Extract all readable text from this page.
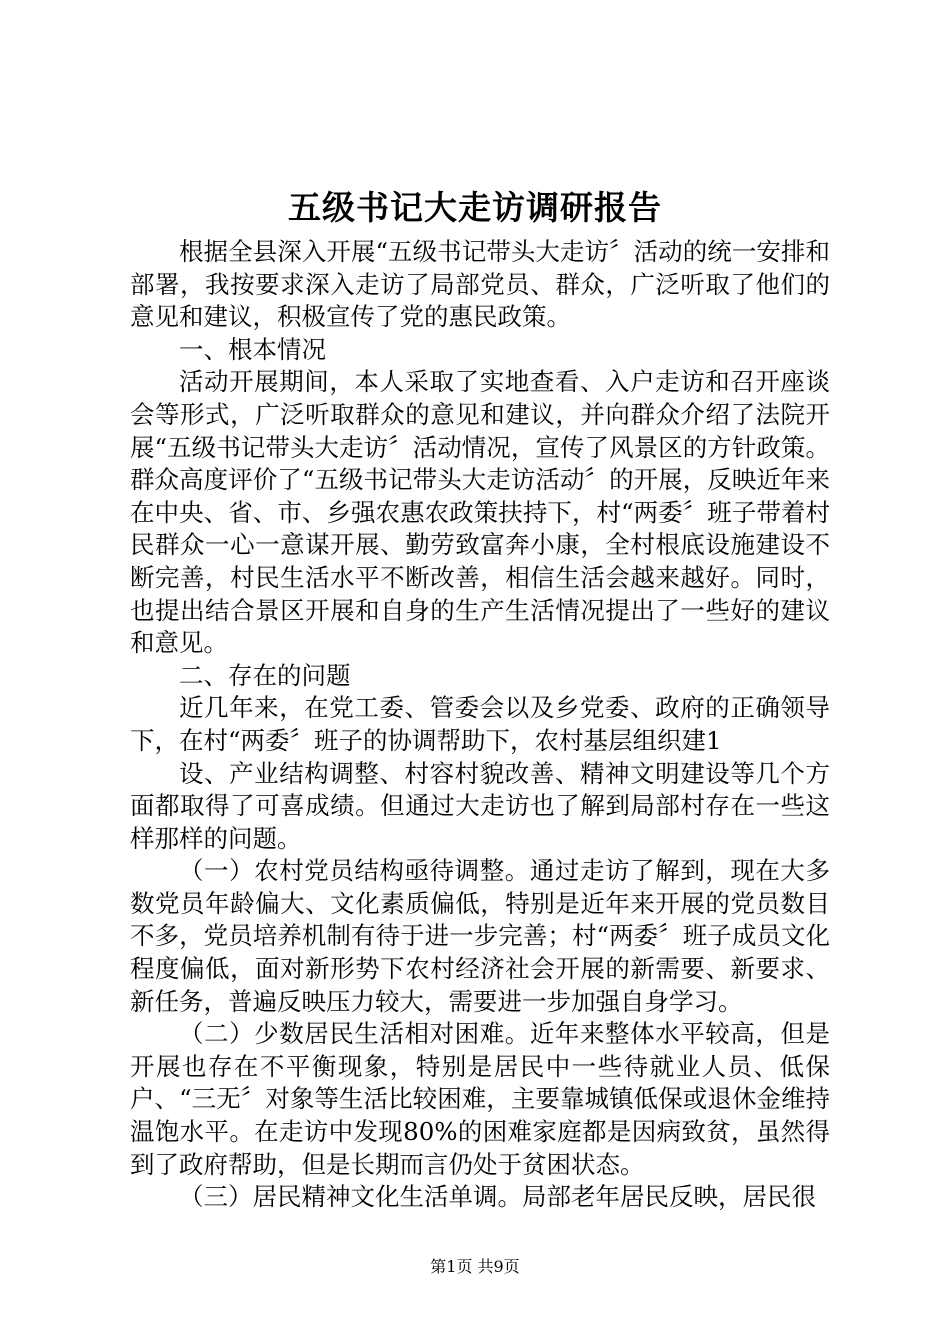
五级书记大走访调研报告

根据全县深入开展“五级书记带头大走访〞活动的统一安排和部署，我按要求深入走访了局部党员、群众，广泛听取了他们的意见和建议，积极宣传了党的惠民政策。

一、根本情况

活动开展期间，本人采取了实地查看、入户走访和召开座谈会等形式，广泛听取群众的意见和建议，并向群众介绍了法院开展“五级书记带头大走访〞活动情况，宣传了风景区的方针政策。群众高度评价了“五级书记带头大走访活动〞的开展，反映近年来在中央、省、市、乡强农惠农政策扶持下，村“两委〞班子带着村民群众一心一意谋开展、勤劳致富奔小康，全村根底设施建设不断完善，村民生活水平不断改善，相信生活会越来越好。同时，也提出结合景区开展和自身的生产生活情况提出了一些好的建议和意见。

二、存在的问题

近几年来，在党工委、管委会以及乡党委、政府的正确领导下，在村“两委〞班子的协调帮助下，农村基层组织建1

设、产业结构调整、村容村貌改善、精神文明建设等几个方面都取得了可喜成绩。但通过大走访也了解到局部村存在一些这样那样的问题。

（一）农村党员结构亟待调整。通过走访了解到，现在大多数党员年龄偏大、文化素质偏低，特别是近年来开展的党员数目不多，党员培养机制有待于进一步完善；村“两委〞班子成员文化程度偏低，面对新形势下农村经济社会开展的新需要、新要求、新任务，普遍反映压力较大，需要进一步加强自身学习。

（二）少数居民生活相对困难。近年来整体水平较高，但是开展也存在不平衡现象，特别是居民中一些待就业人员、低保户、“三无〞对象等生活比较困难，主要靠城镇低保或退休金维持温饱水平。在走访中发现80%的困难家庭都是因病致贫，虽然得到了政府帮助，但是长期而言仍处于贫困状态。

（三）居民精神文化生活单调。局部老年居民反映，居民很

第1页 共9页
